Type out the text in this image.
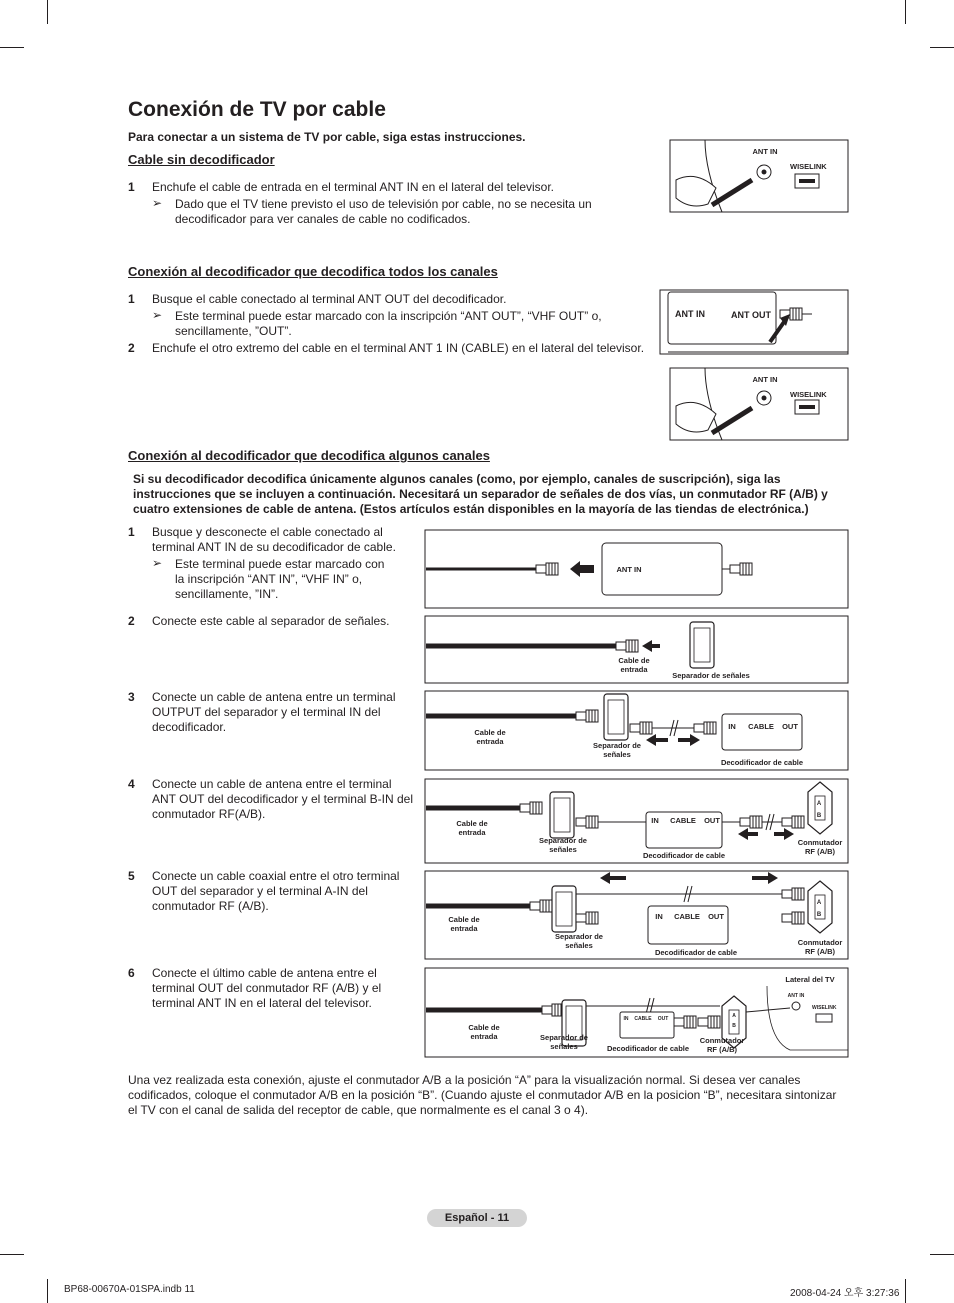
Conexión de TV por cable
Para conectar a un sistema de TV por cable, siga estas instrucciones.
Cable sin decodificador
1 Enchufe el cable de entrada en el terminal ANT IN en el lateral del televisor.
➢ Dado que el TV tiene previsto el uso de televisión por cable, no se necesita un decodificador para ver canales de cable no codificados.
Conexión al decodificador que decodifica todos los canales
1 Busque el cable conectado al terminal ANT OUT del decodificador.
➢ Este terminal puede estar marcado con la inscripción “ANT OUT”, “VHF OUT” o, sencillamente, ”OUT”.
2 Enchufe el otro extremo del cable en el terminal ANT 1 IN (CABLE) en el lateral del televisor.
Conexión al decodificador que decodifica algunos canales
Si su decodificador decodifica únicamente algunos canales (como, por ejemplo, canales de suscripción), siga las instrucciones que se incluyen a continuación. Necesitará un separador de señales de dos vías, un conmutador RF (A/B) y cuatro extensiones de cable de antena. (Estos artículos están disponibles en la mayoría de las tiendas de electrónica.)
1 Busque y desconecte el cable conectado al terminal ANT IN de su decodificador de cable.
➢ Este terminal puede estar marcado con la inscripción “ANT IN”, “VHF IN” o, sencillamente, ”IN”.
2 Conecte este cable al separador de señales.
3 Conecte un cable de antena entre un terminal OUTPUT del separador y el terminal IN del decodificador.
4 Conecte un cable de antena entre el terminal ANT OUT del decodificador y el terminal B-IN del conmutador RF(A/B).
5 Conecte un cable coaxial entre el otro terminal OUT del separador y el terminal A-IN del conmutador RF (A/B).
6 Conecte el último cable de antena entre el terminal OUT del conmutador RF (A/B) y el terminal ANT IN en el lateral del televisor.
Una vez realizada esta conexión, ajuste el conmutador A/B a la posición “A” para la visualización normal. Si desea ver canales codificados, coloque el conmutador A/B en la posición “B”. (Cuando ajuste el conmutador A/B en la posicion “B”, necesitara sintonizar el TV con el canal de salida del receptor de cable, que normalmente es el canal 3 o 4).
ANT IN
WISELINK
ANT IN	ANT OUT
ANT IN
WISELINK
ANT IN
Cable de entrada
Separador de señales
Cable de entrada	Separador de señales
IN	CABLE OUT
Decodificador de cable
Cable de entrada
Separador de señales
IN	CABLE OUT
Decodificador de cable
Conmutador RF (A/B)
A
B
Cable de entrada
Separador de señales
IN	CABLE OUT
Decodificador de cable
Conmutador RF (A/B)
A
B
Lateral del TV
ANT IN
WISELINK
Cable de entrada	Separador de señales
IN	CABLE	OUT
Decodificador de cable
Conmutador RF (A/B)
A
B
Español - 11
BP68-00670A-01SPA.indb 11	2008-04-24 오후 3:27:36
